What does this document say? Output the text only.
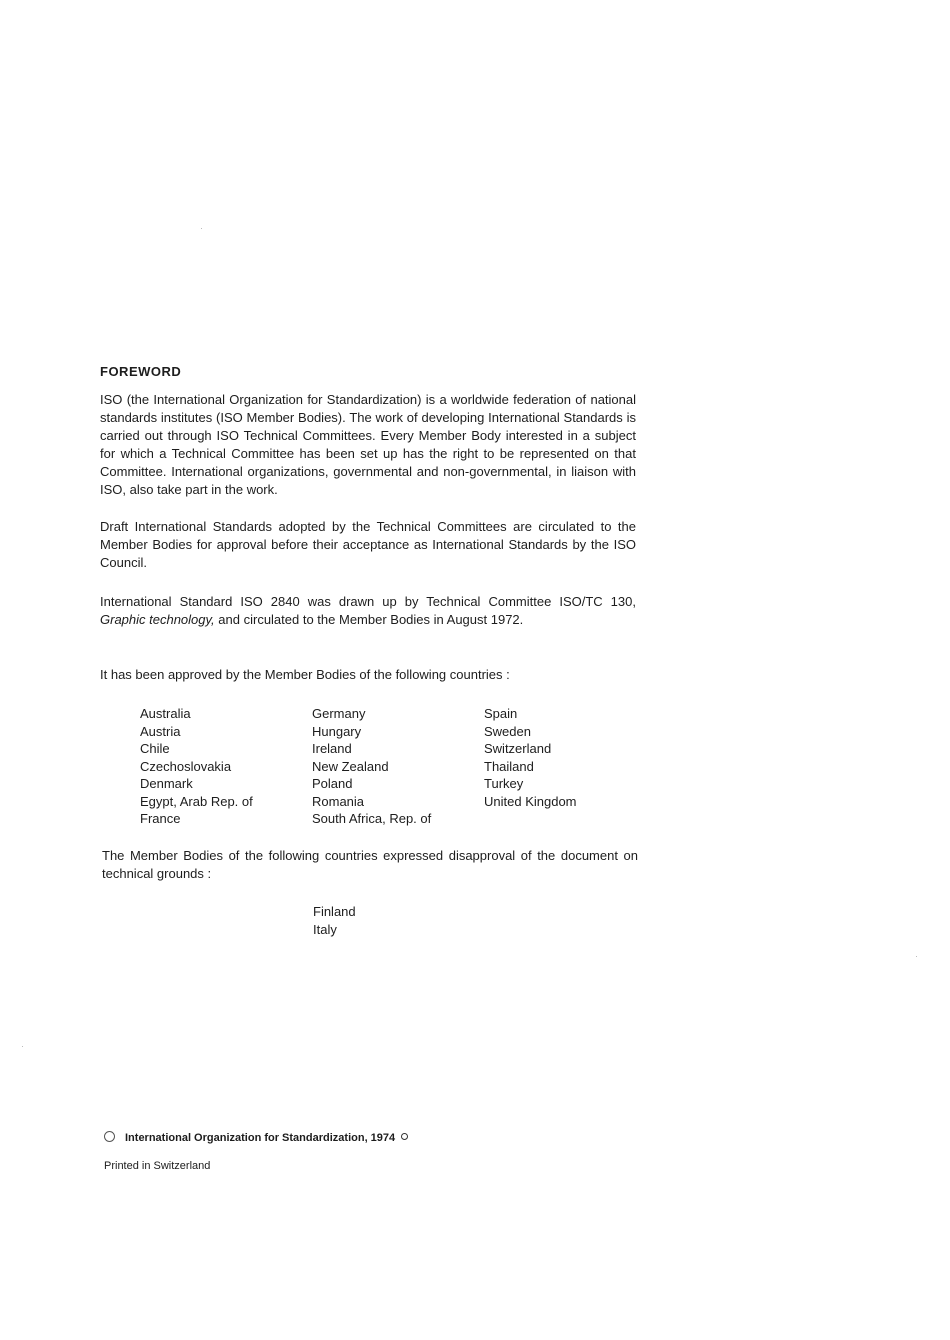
FOREWORD
ISO (the International Organization for Standardization) is a worldwide federation of national standards institutes (ISO Member Bodies). The work of developing International Standards is carried out through ISO Technical Committees. Every Member Body interested in a subject for which a Technical Committee has been set up has the right to be represented on that Committee. International organizations, governmental and non-governmental, in liaison with ISO, also take part in the work.
Draft International Standards adopted by the Technical Committees are circulated to the Member Bodies for approval before their acceptance as International Standards by the ISO Council.
International Standard ISO 2840 was drawn up by Technical Committee ISO/TC 130, Graphic technology, and circulated to the Member Bodies in August 1972.
It has been approved by the Member Bodies of the following countries :
Australia
Austria
Chile
Czechoslovakia
Denmark
Egypt, Arab Rep. of
France
Germany
Hungary
Ireland
New Zealand
Poland
Romania
South Africa, Rep. of
Spain
Sweden
Switzerland
Thailand
Turkey
United Kingdom
The Member Bodies of the following countries expressed disapproval of the document on technical grounds :
Finland
Italy
International Organization for Standardization, 1974
Printed in Switzerland
